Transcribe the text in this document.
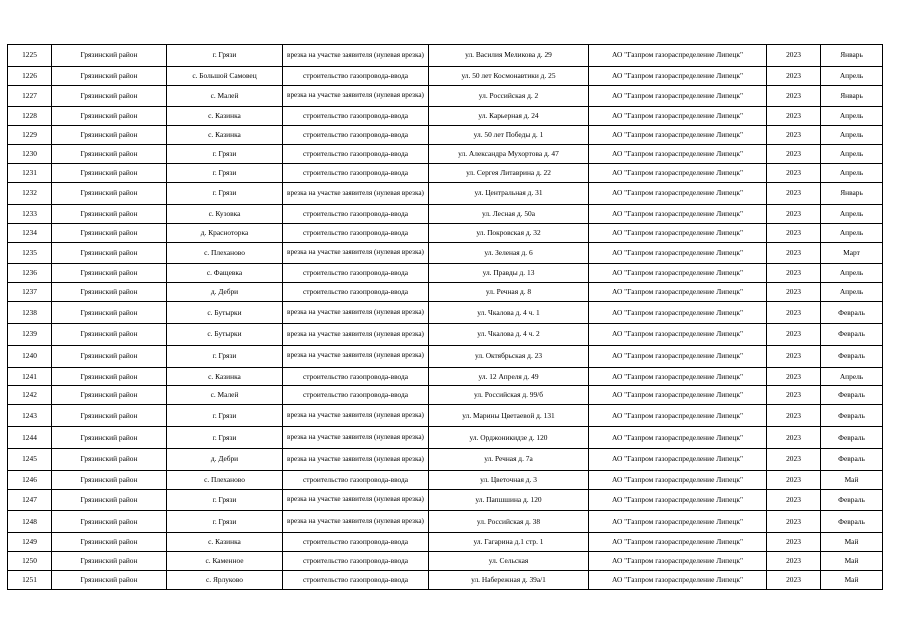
1225	Грязинский район	г. Грязи	врезка на участке заявителя (нулевая врезка)	ул. Василия Меликова д. 29	АО "Газпром газораспределение Липецк"	2023	Январь
1226	Грязинский район	с. Большой Самовец	строительство газопровода-ввода	ул. 50 лет Космонавтики д. 25	АО "Газпром газораспределение Липецк"	2023	Апрель
1227	Грязинский район	с. Малей	врезка на участке заявителя (нулевая врезка)	ул. Российская д. 2	АО "Газпром газораспределение Липецк"	2023	Январь
1228	Грязинский район	с. Казинка	строительство газопровода-ввода	ул. Карьерная д. 24	АО "Газпром газораспределение Липецк"	2023	Апрель
1229	Грязинский район	с. Казинка	строительство газопровода-ввода	ул. 50 лет Победы д. 1	АО "Газпром газораспределение Липецк"	2023	Апрель
1230	Грязинский район	г. Грязи	строительство газопровода-ввода	ул. Александра Мухортова д. 47	АО "Газпром газораспределение Липецк"	2023	Апрель
1231	Грязинский район	г. Грязи	строительство газопровода-ввода	ул. Сергея Литаврина д. 22	АО "Газпром газораспределение Липецк"	2023	Апрель
1232	Грязинский район	г. Грязи	врезка на участке заявителя (нулевая врезка)	ул. Центральная д. 31	АО "Газпром газораспределение Липецк"	2023	Январь
1233	Грязинский район	с. Кузовка	строительство газопровода-ввода	ул. Лесная д. 50а	АО "Газпром газораспределение Липецк"	2023	Апрель
1234	Грязинский район	д. Красноторка	строительство газопровода-ввода	ул. Покровская д. 32	АО "Газпром газораспределение Липецк"	2023	Апрель
1235	Грязинский район	с. Плеханово	врезка на участке заявителя (нулевая врезка)	ул. Зеленая д. 6	АО "Газпром газораспределение Липецк"	2023	Март
1236	Грязинский район	с. Фащевка	строительство газопровода-ввода	ул. Правды д. 13	АО "Газпром газораспределение Липецк"	2023	Апрель
1237	Грязинский район	д. Дебри	строительство газопровода-ввода	ул. Речная д. 8	АО "Газпром газораспределение Липецк"	2023	Апрель
1238	Грязинский район	с. Бутырки	врезка на участке заявителя (нулевая врезка)	ул. Чкалова д. 4 ч. 1	АО "Газпром газораспределение Липецк"	2023	Февраль
1239	Грязинский район	с. Бутырки	врезка на участке заявителя (нулевая врезка)	ул. Чкалова д. 4 ч. 2	АО "Газпром газораспределение Липецк"	2023	Февраль
1240	Грязинский район	г. Грязи	врезка на участке заявителя (нулевая врезка)	ул. Октябрьская д. 23	АО "Газпром газораспределение Липецк"	2023	Февраль
1241	Грязинский район	с. Казинка	строительство газопровода-ввода	ул. 12 Апреля д. 49	АО "Газпром газораспределение Липецк"	2023	Апрель
1242	Грязинский район	с. Малей	строительство газопровода-ввода	ул. Российская д. 99/б	АО "Газпром газораспределение Липецк"	2023	Февраль
1243	Грязинский район	г. Грязи	врезка на участке заявителя (нулевая врезка)	ул. Марины Цветаевой д. 131	АО "Газпром газораспределение Липецк"	2023	Февраль
1244	Грязинский район	г. Грязи	врезка на участке заявителя (нулевая врезка)	ул. Орджоникидзе д. 120	АО "Газпром газораспределение Липецк"	2023	Февраль
1245	Грязинский район	д. Дебри	врезка на участке заявителя (нулевая врезка)	ул. Речная д. 7а	АО "Газпром газораспределение Липецк"	2023	Февраль
1246	Грязинский район	с. Плеханово	строительство газопровода-ввода	ул. Цветочная д. 3	АО "Газпром газораспределение Липецк"	2023	Май
1247	Грязинский район	г. Грязи	врезка на участке заявителя (нулевая врезка)	ул. Папшшина д. 120	АО "Газпром газораспределение Липецк"	2023	Февраль
1248	Грязинский район	г. Грязи	врезка на участке заявителя (нулевая врезка)	ул. Российская д. 38	АО "Газпром газораспределение Липецк"	2023	Февраль
1249	Грязинский район	с. Казинка	строительство газопровода-ввода	ул. Гагарина д.1 стр. 1	АО "Газпром газораспределение Липецк"	2023	Май
1250	Грязинский район	с. Каменное	строительство газопровода-ввода	ул. Сельская	АО "Газпром газораспределение Липецк"	2023	Май
1251	Грязинский район	с. Ярлуково	строительство газопровода-ввода	ул. Набережная д. 39а/1	АО "Газпром газораспределение Липецк"	2023	Май
